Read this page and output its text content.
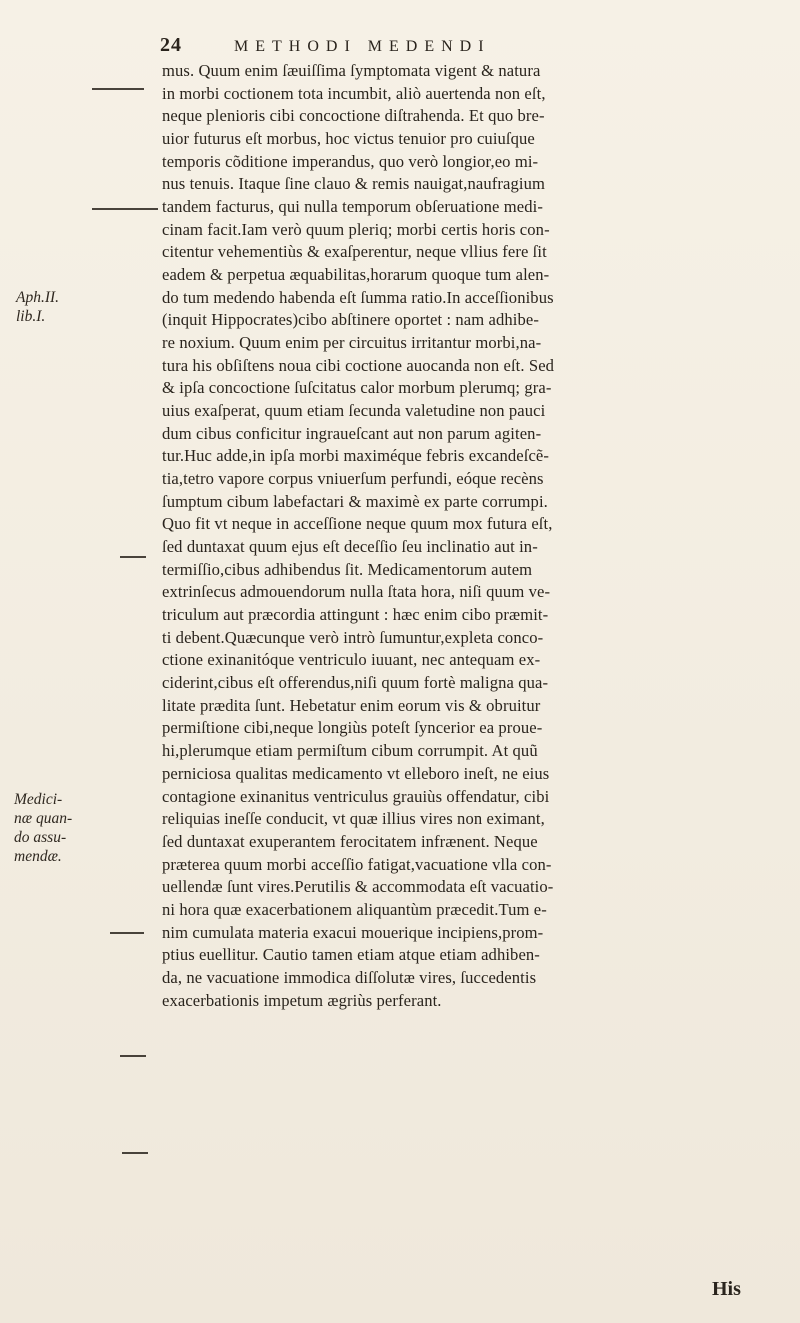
24	METHODI MEDENDI
Aph.II.
lib.I.
Medici-
næ quan-
do assu-
mendæ.
mus. Quum enim ſæuiſſima ſymptomata vigent & natura
in morbi coctionem tota incumbit, aliò auertenda non eſt,
neque plenioris cibi concoctione diſtrahenda. Et quo bre-
uior futurus eſt morbus, hoc victus tenuior pro cuiuſque
temporis cõditione imperandus, quo verò longior,eo mi-
nus tenuis. Itaque ſine clauo & remis nauigat,naufragium
tandem facturus, qui nulla temporum obſeruatione medi-
cinam facit.Iam verò quum pleriq; morbi certis horis con-
citentur vehementiùs & exaſperentur, neque vllius fere ſit
eadem & perpetua æquabilitas,horarum quoque tum alen-
do tum medendo habenda eſt ſumma ratio.In acceſſionibus
(inquit Hippocrates)cibo abſtinere oportet : nam adhibe-
re noxium. Quum enim per circuitus irritantur morbi,na-
tura his obſiſtens noua cibi coctione auocanda non eſt. Sed
& ipſa concoctione ſuſcitatus calor morbum plerumq; gra-
uius exaſperat, quum etiam ſecunda valetudine non pauci
dum cibus conficitur ingraueſcant aut non parum agiten-
tur.Huc adde,in ipſa morbi maximéque febris excandeſcẽ-
tia,tetro vapore corpus vniuerſum perfundi, eóque recèns
ſumptum cibum labefactari & maximè ex parte corrumpi.
Quo fit vt neque in acceſſione neque quum mox futura eſt,
ſed duntaxat quum ejus eſt deceſſio ſeu inclinatio aut in-
termiſſio,cibus adhibendus ſit. Medicamentorum autem
extrinſecus admouendorum nulla ſtata hora, niſi quum ve-
triculum aut præcordia attingunt : hæc enim cibo præmit-
ti debent.Quæcunque verò intrò ſumuntur,expleta conco-
ctione exinanitóque ventriculo iuuant, nec antequam ex-
ciderint,cibus eſt offerendus,niſi quum fortè maligna qua-
litate prædita ſunt. Hebetatur enim eorum vis & obruitur
permiſtione cibi,neque longiùs poteſt ſyncerior ea proue-
hi,plerumque etiam permiſtum cibum corrumpit. At quũ
perniciosa qualitas medicamento vt elleboro ineſt, ne eius
contagione exinanitus ventriculus grauiùs offendatur, cibi
reliquias ineſſe conducit, vt quæ illius vires non eximant,
ſed duntaxat exuperantem ferocitatem infrænent. Neque
præterea quum morbi acceſſio fatigat,vacuatione vlla con-
uellendæ ſunt vires.Perutilis & accommodata eſt vacuatio-
ni hora quæ exacerbationem aliquantùm præcedit.Tum e-
nim cumulata materia exacui mouerique incipiens,prom-
ptius euellitur. Cautio tamen etiam atque etiam adhiben-
da, ne vacuatione immodica diſſolutæ vires, ſuccedentis
exacerbationis impetum ægriùs perferant.
His
